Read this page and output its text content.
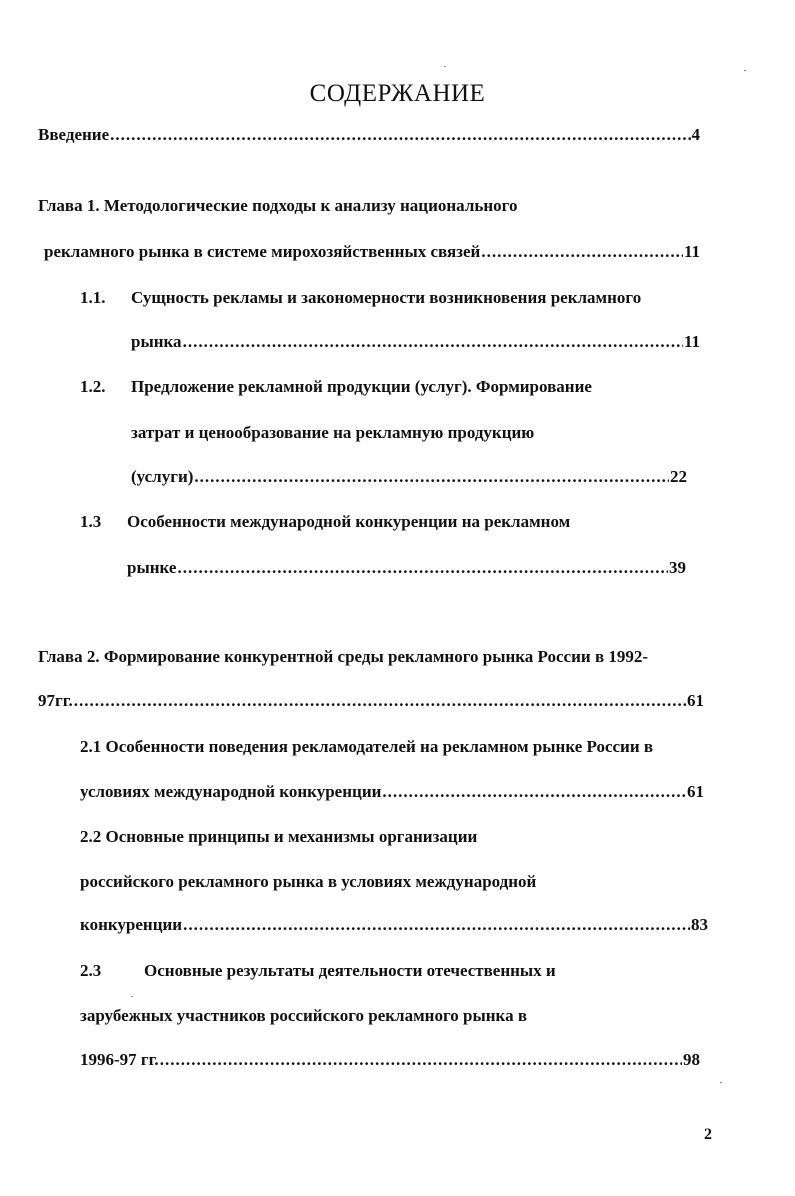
СОДЕРЖАНИЕ
Введение .....	4
Глава 1. Методологические подходы к анализу национального
рекламного рынка в системе мирохозяйственных связей .....	11
1.1. Сущность рекламы и закономерности возникновения рекламного
рынка .....	11
1.2. Предложение рекламной продукции (услуг). Формирование
затрат и ценообразование на рекламную продукцию
(услуги) .....	22
1.3 Особенности международной конкуренции на рекламном
рынке .....	39
Глава 2. Формирование конкурентной среды рекламного рынка России в 1992-
97гг. .....	61
2.1 Особенности поведения рекламодателей на рекламном рынке России в
условиях международной конкуренции .....	61
2.2 Основные принципы и механизмы организации
российского рекламного рынка в условиях международной
конкуренции .....	83
2.3	Основные результаты деятельности отечественных и
зарубежных участников российского рекламного рынка в
1996-97 гг. .....	98
2
